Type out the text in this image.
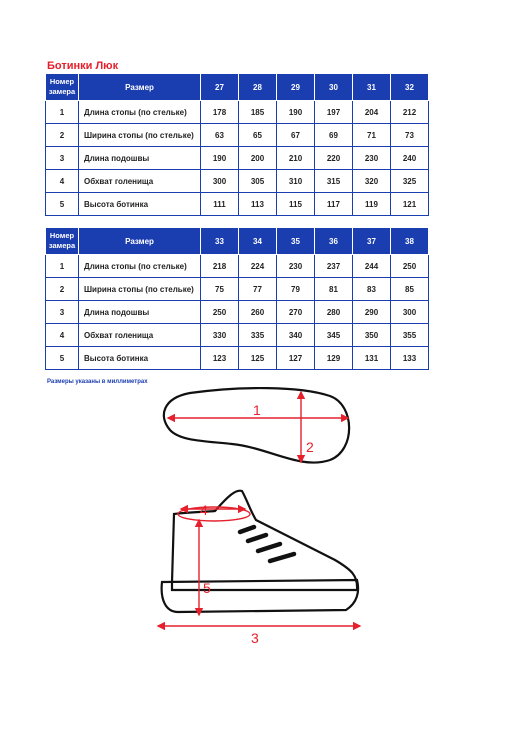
Ботинки Люк
Номер
замера	Размер	27	28	29	30	31	32
1	Длина стопы (по стельке)	178	185	190	197	204	212
2	Ширина стопы (по стельке)	63	65	67	69	71	73
3	Длина подошвы	190	200	210	220	230	240
4	Обхват голенища	300	305	310	315	320	325
5	Высота ботинка	111	113	115	117	119	121
Номер
замера	Размер	33	34	35	36	37	38
1	Длина стопы (по стельке)	218	224	230	237	244	250
2	Ширина стопы (по стельке)	75	77	79	81	83	85
3	Длина подошвы	250	260	270	280	290	300
4	Обхват голенища	330	335	340	345	350	355
5	Высота ботинка	123	125	127	129	131	133
Размеры указаны в миллиметрах
1
2
4
5
3
